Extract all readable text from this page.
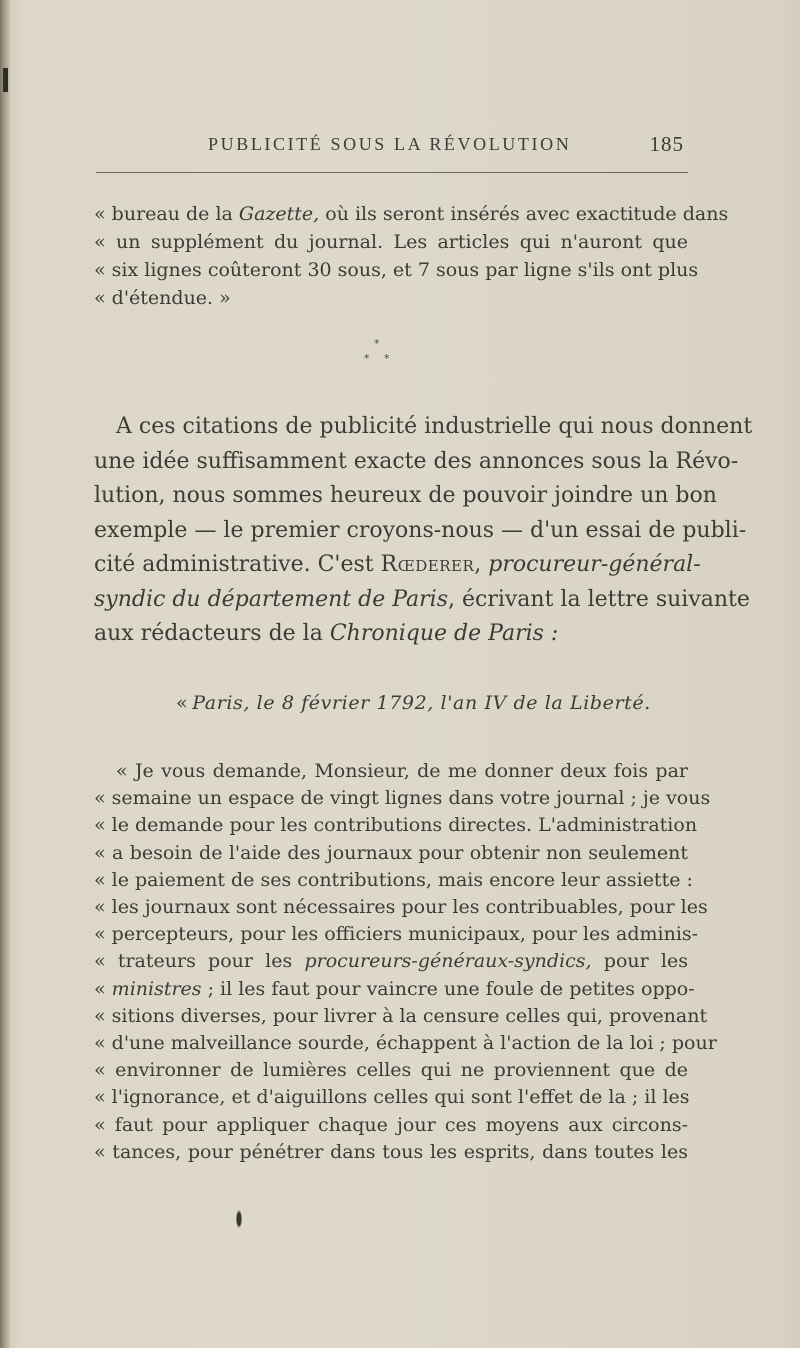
PUBLICITÉ SOUS LA RÉVOLUTION	185
« bureau de la Gazette, où ils seront insérés avec exactitude dans
« un supplément du journal. Les articles qui n'auront que
« six lignes coûteront 30 sous, et 7 sous par ligne s'ils ont plus
« d'étendue. »
*
* *
A ces citations de publicité industrielle qui nous donnent
une idée suffisamment exacte des annonces sous la Révo-
lution, nous sommes heureux de pouvoir joindre un bon
exemple — le premier croyons-nous — d'un essai de publi-
cité administrative. C'est Rœderer, procureur-général-
syndic du département de Paris, écrivant la lettre suivante
aux rédacteurs de la Chronique de Paris :
« Paris, le 8 février 1792, l'an IV de la Liberté.
« Je vous demande, Monsieur, de me donner deux fois par
« semaine un espace de vingt lignes dans votre journal ; je vous
« le demande pour les contributions directes. L'administration
« a besoin de l'aide des journaux pour obtenir non seulement
« le paiement de ses contributions, mais encore leur assiette :
« les journaux sont nécessaires pour les contribuables, pour les
« percepteurs, pour les officiers municipaux, pour les adminis-
« trateurs pour les procureurs-généraux-syndics, pour les
« ministres ; il les faut pour vaincre une foule de petites oppo-
« sitions diverses, pour livrer à la censure celles qui, provenant
« d'une malveillance sourde, échappent à l'action de la loi ; pour
« environner de lumières celles qui ne proviennent que de
« l'ignorance, et d'aiguillons celles qui sont l'effet de la ; il les
« faut pour appliquer chaque jour ces moyens aux circons-
« tances, pour pénétrer dans tous les esprits, dans toutes les
